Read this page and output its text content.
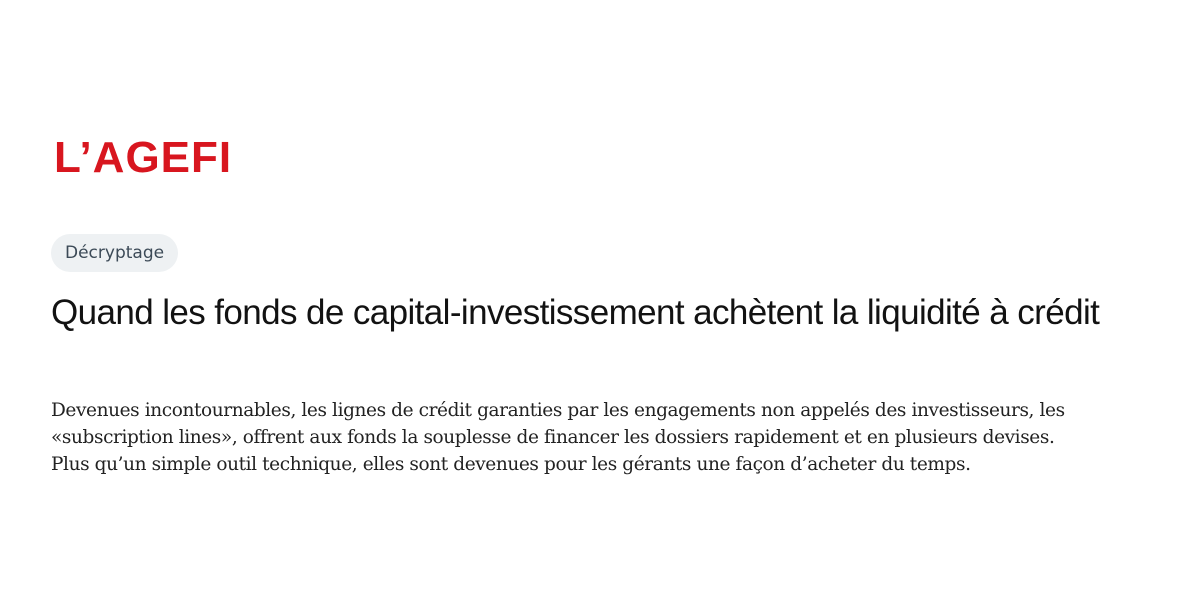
L’AGEFI
Décryptage
Quand les fonds de capital-investissement achètent la liquidité à crédit

Devenues incontournables, les lignes de crédit garanties par les engagements non appelés des investisseurs, les «subscription lines», offrent aux fonds la souplesse de financer les dossiers rapidement et en plusieurs devises. Plus qu’un simple outil technique, elles sont devenues pour les gérants une façon d’acheter du temps.
